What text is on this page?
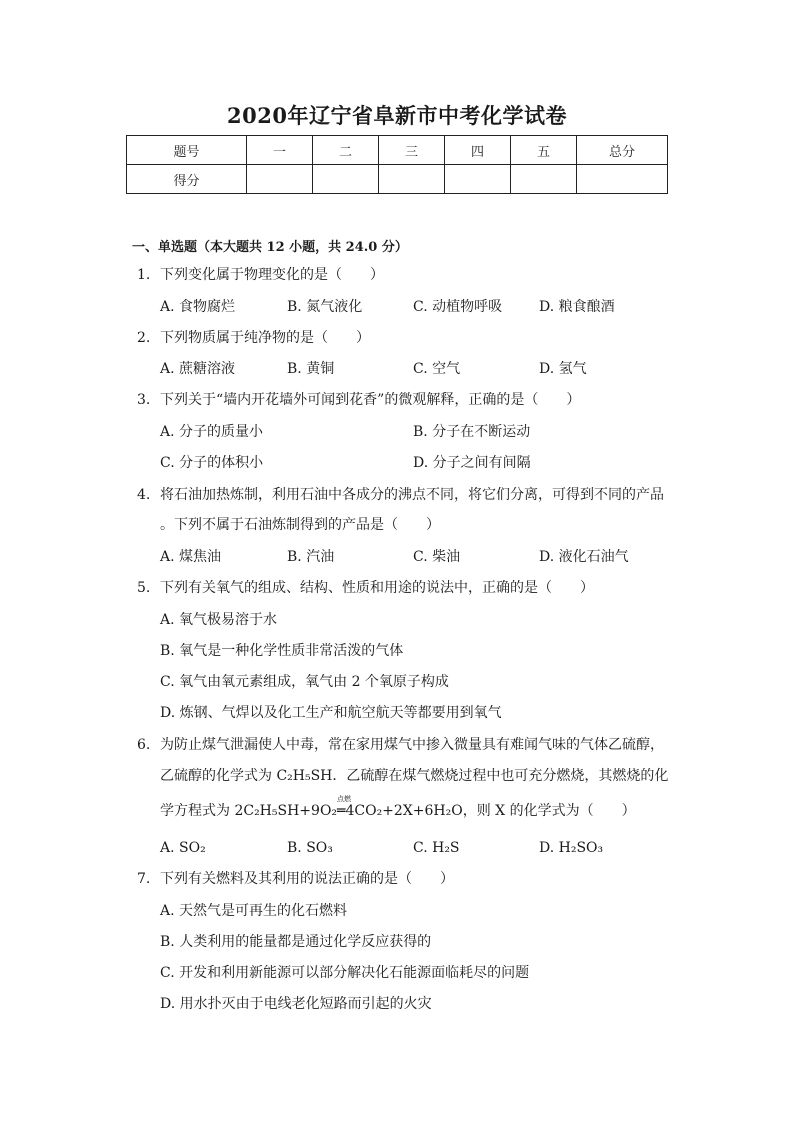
2020年辽宁省阜新市中考化学试卷
题号	一	二	三	四	五	总分
得分						
一、单选题（本大题共 12 小题，共 24.0 分）
1. 下列变化属于物理变化的是（　　）
A. 食物腐烂	B. 氮气液化	C. 动植物呼吸	D. 粮食酿酒
2. 下列物质属于纯净物的是（　　）
A. 蔗糖溶液	B. 黄铜	C. 空气	D. 氢气
3. 下列关于“墙内开花墙外可闻到花香”的微观解释，正确的是（　　）
A. 分子的质量小	B. 分子在不断运动
C. 分子的体积小	D. 分子之间有间隔
4. 将石油加热炼制，利用石油中各成分的沸点不同，将它们分离，可得到不同的产品
。下列不属于石油炼制得到的产品是（　　）
A. 煤焦油	B. 汽油	C. 柴油	D. 液化石油气
5. 下列有关氧气的组成、结构、性质和用途的说法中，正确的是（　　）
A. 氧气极易溶于水
B. 氧气是一种化学性质非常活泼的气体
C. 氧气由氧元素组成，氧气由 2 个氧原子构成
D. 炼钢、气焊以及化工生产和航空航天等都要用到氧气
6. 为防止煤气泄漏使人中毒，常在家用煤气中掺入微量具有难闻气味的气体乙硫醇，
乙硫醇的化学式为 C₂H₅SH．乙硫醇在煤气燃烧过程中也可充分燃烧，其燃烧的化
学方程式为 2C₂H₅SH+9O₂
点燃
═4CO₂+2X+6H₂O，则 X 的化学式为（　　）
A. SO₂	B. SO₃	C. H₂S	D. H₂SO₃
7. 下列有关燃料及其利用的说法正确的是（　　）
A. 天然气是可再生的化石燃料
B. 人类利用的能量都是通过化学反应获得的
C. 开发和利用新能源可以部分解决化石能源面临耗尽的问题
D. 用水扑灭由于电线老化短路而引起的火灾
